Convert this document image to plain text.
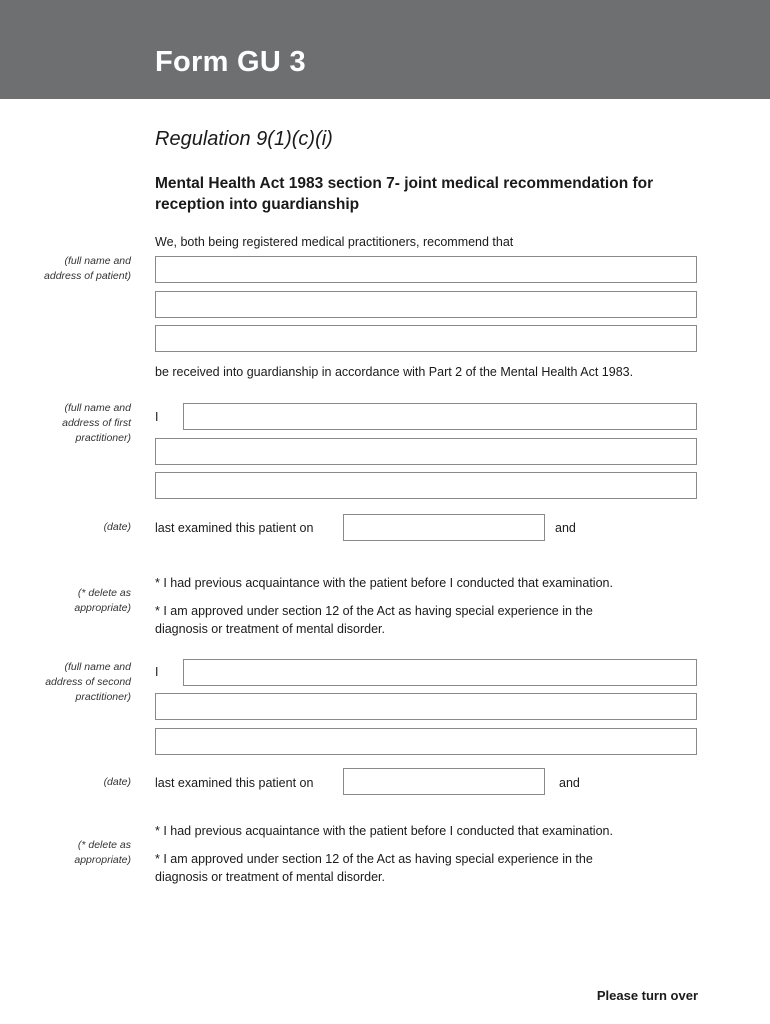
Form GU 3
Regulation 9(1)(c)(i)
Mental Health Act 1983 section 7- joint medical recommendation for reception into guardianship
We, both being registered medical practitioners, recommend that
(full name and
address of patient)
be received into guardianship in accordance with Part 2 of the Mental Health Act 1983.
(full name and
address of first
practitioner)
I
(date) last examined this patient on	and
(* delete as
appropriate)
* I had previous acquaintance with the patient before I conducted that examination.
* I am approved under section 12 of the Act as having special experience in the
diagnosis or treatment of mental disorder.
(full name and
address of second
practitioner)
I
(date) last examined this patient on	and
(* delete as
appropriate)
* I had previous acquaintance with the patient before I conducted that examination.
* I am approved under section 12 of the Act as having special experience in the
diagnosis or treatment of mental disorder.
Please turn over
